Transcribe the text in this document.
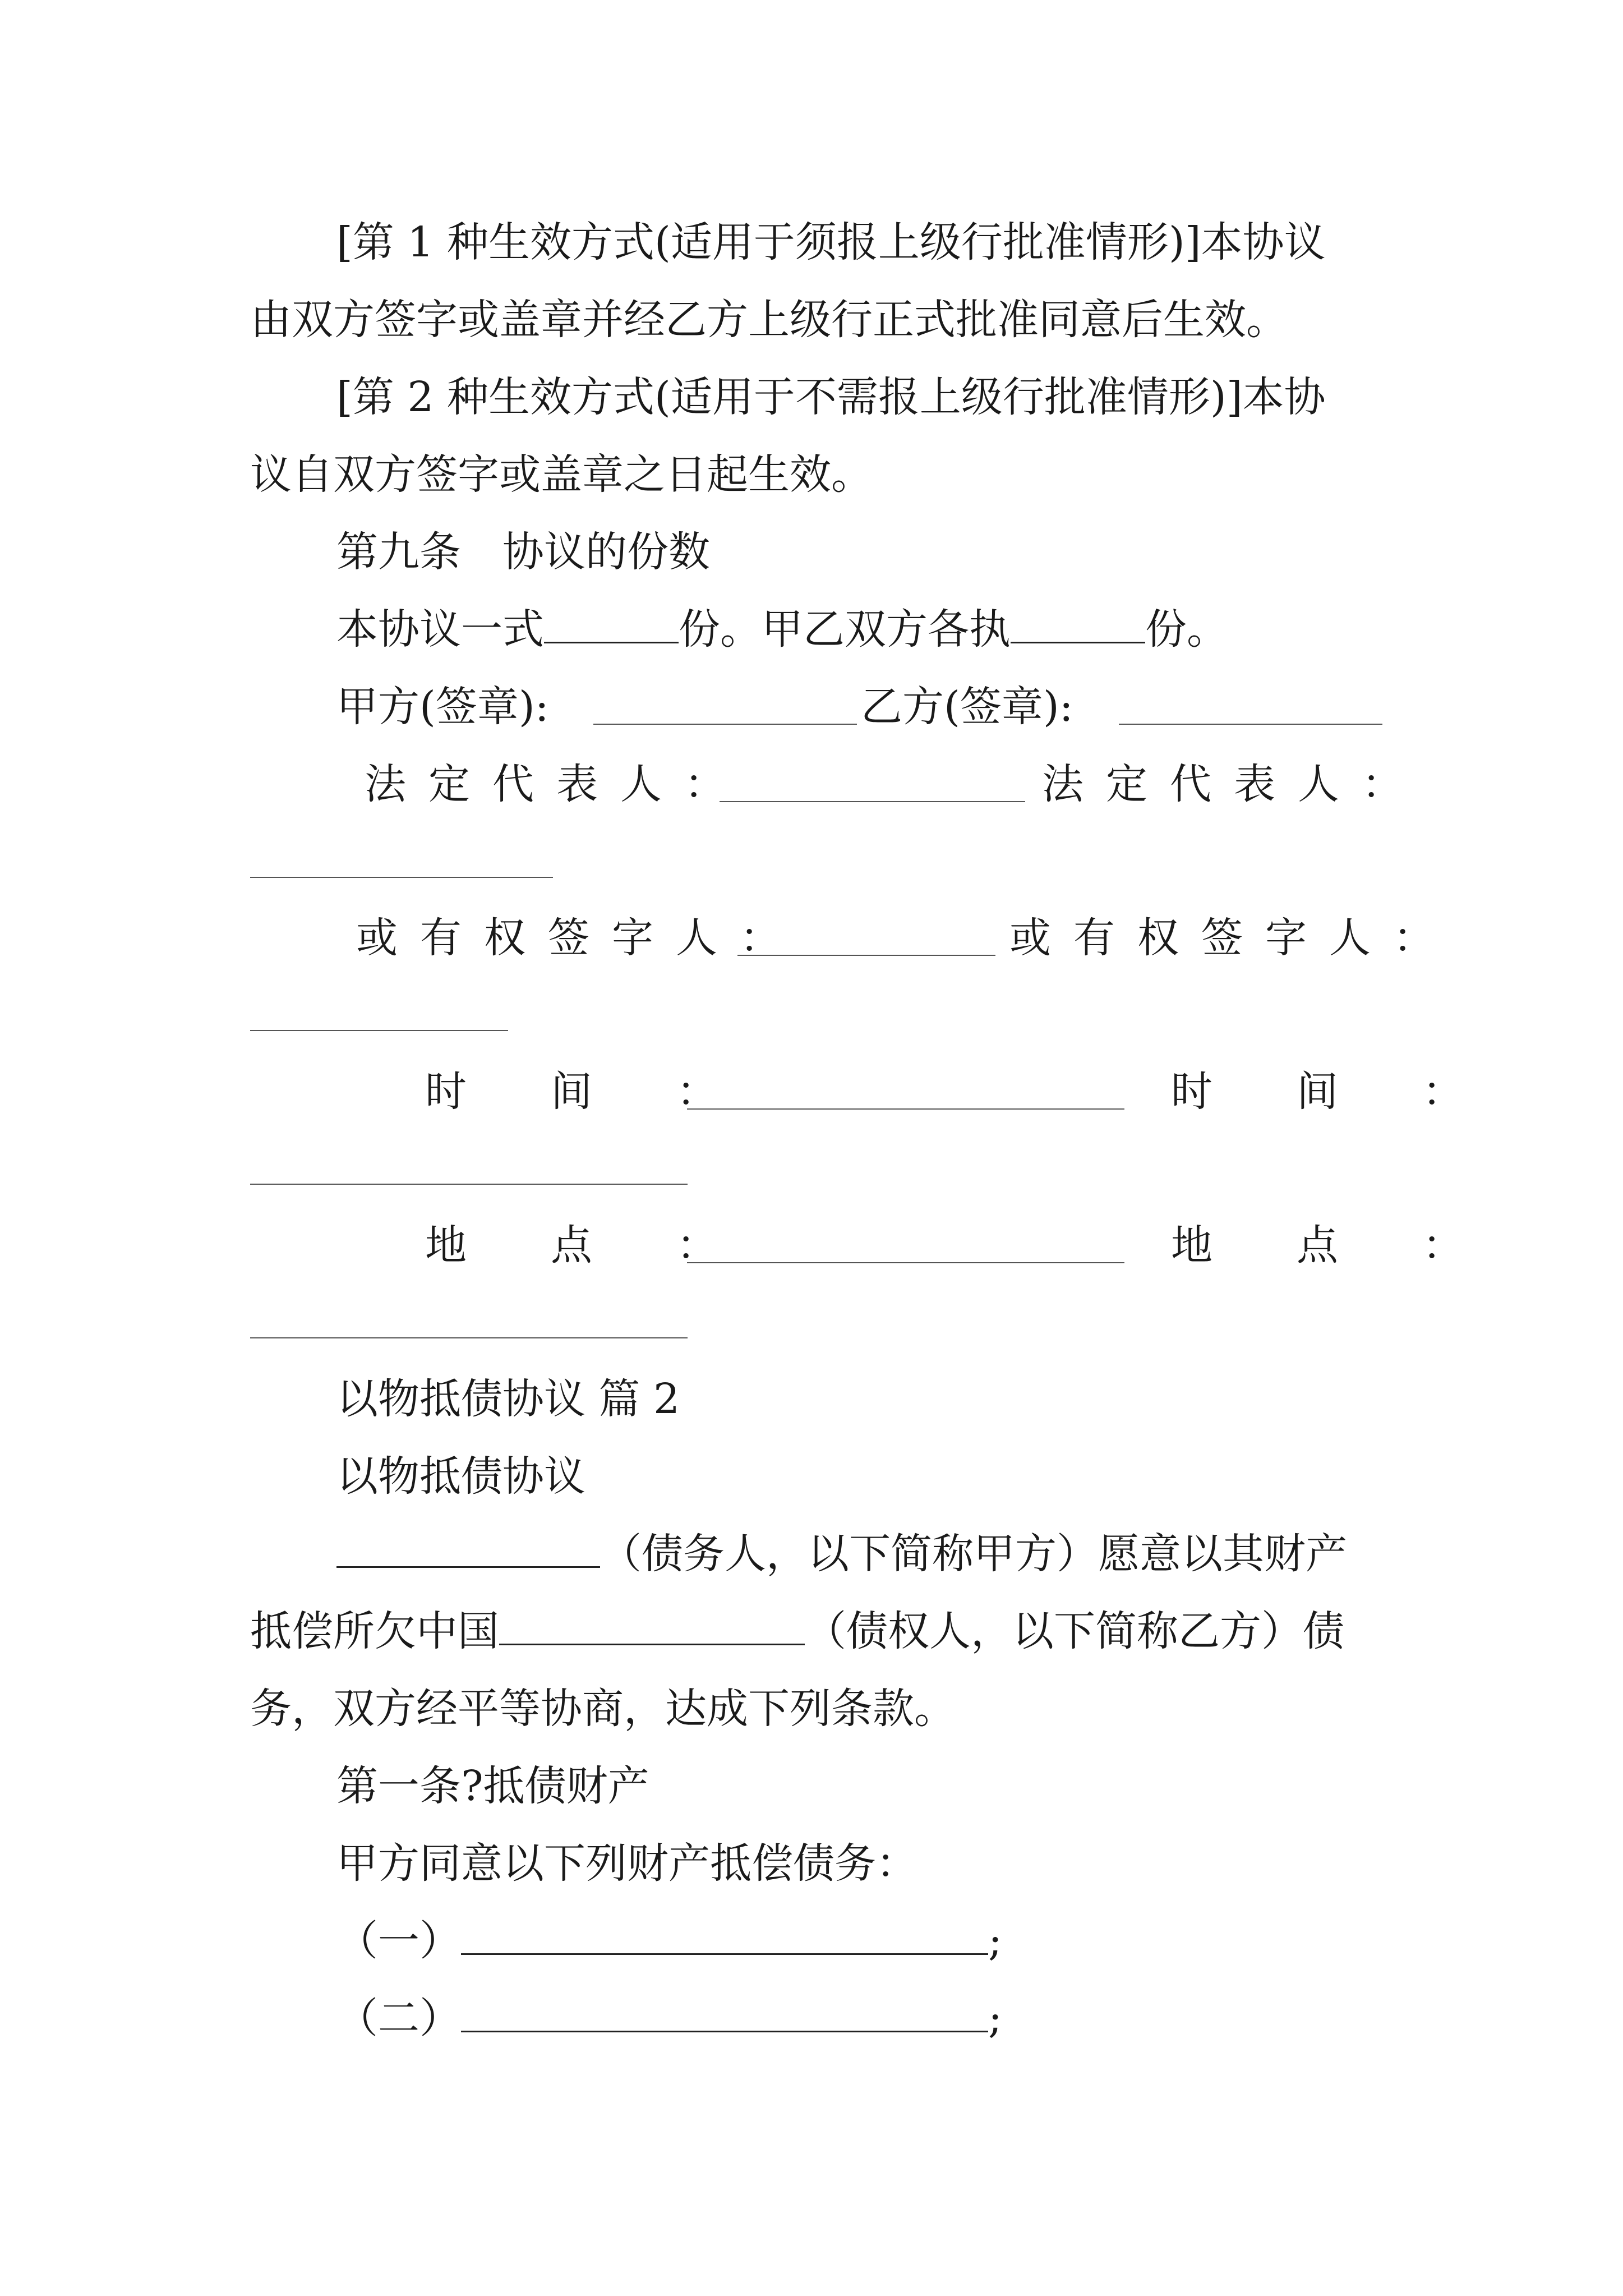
[第 1 种生效方式(适用于须报上级行批准情形)]本协议
由双方签字或盖章并经乙方上级行正式批准同意后生效。
[第 2 种生效方式(适用于不需报上级行批准情形)]本协
议自双方签字或盖章之日起生效。
第九条　协议的份数
本协议一式	份。甲乙双方各执	份。
甲方(签章):	乙方(签章):
法定代表人：	法定代表人：
或有权签字人：	或有权签字人：
时间：	时间：
地点：	地点：
以物抵债协议 篇 2
以物抵债协议
（债务人，以下简称甲方）愿意以其财产
抵偿所欠中国	（债权人，以下简称乙方）债
务，双方经平等协商，达成下列条款。
第一条?抵债财产
甲方同意以下列财产抵偿债务：
（一）	;
（二）	;
